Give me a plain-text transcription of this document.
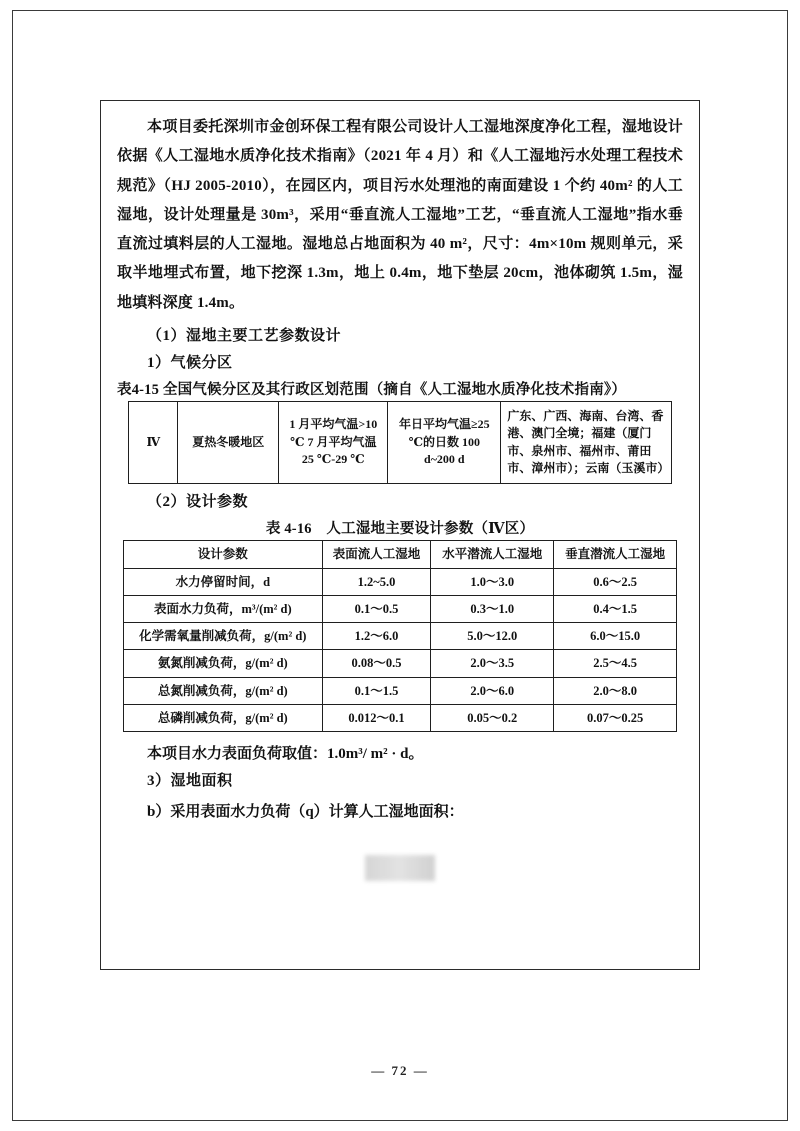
本项目委托深圳市金创环保工程有限公司设计人工湿地深度净化工程，湿地设计依据《人工湿地水质净化技术指南》（2021 年 4 月）和《人工湿地污水处理工程技术规范》（HJ 2005-2010），在园区内，项目污水处理池的南面建设 1 个约 40m² 的人工湿地，设计处理量是 30m³，采用“垂直流人工湿地”工艺，“垂直流人工湿地”指水垂直流过填料层的人工湿地。湿地总占地面积为 40 m²，尺寸：4m×10m 规则单元，采取半地埋式布置，地下挖深 1.3m，地上 0.4m，地下垫层 20cm，池体砌筑 1.5m，湿地填料深度 1.4m。

（1）湿地主要工艺参数设计
1）气候分区
表4-15 全国气候分区及其行政区划范围（摘自《人工湿地水质净化技术指南》）
Ⅳ	夏热冬暖地区	1 月平均气温>10 ℃ 7 月平均气温 25 ℃-29 ℃	年日平均气温≥25 ℃的日数 100 d~200 d	广东、广西、海南、台湾、香港、澳门全境；福建（厦门市、泉州市、福州市、莆田市、漳州市）；云南（玉溪市）
（2）设计参数
表 4-16　人工湿地主要设计参数（Ⅳ区）
设计参数	表面流人工湿地	水平潜流人工湿地	垂直潜流人工湿地
水力停留时间，d	1.2~5.0	1.0～3.0	0.6～2.5
表面水力负荷，m³/(m² d)	0.1～0.5	0.3～1.0	0.4～1.5
化学需氧量削减负荷，g/(m² d)	1.2～6.0	5.0～12.0	6.0～15.0
氨氮削减负荷，g/(m² d)	0.08～0.5	2.0～3.5	2.5～4.5
总氮削减负荷，g/(m² d)	0.1～1.5	2.0～6.0	2.0～8.0
总磷削减负荷，g/(m² d)	0.012～0.1	0.05～0.2	0.07～0.25

本项目水力表面负荷取值：1.0m³/ m² · d。

3）湿地面积

b）采用表面水力负荷（q）计算人工湿地面积：

— 72 —
